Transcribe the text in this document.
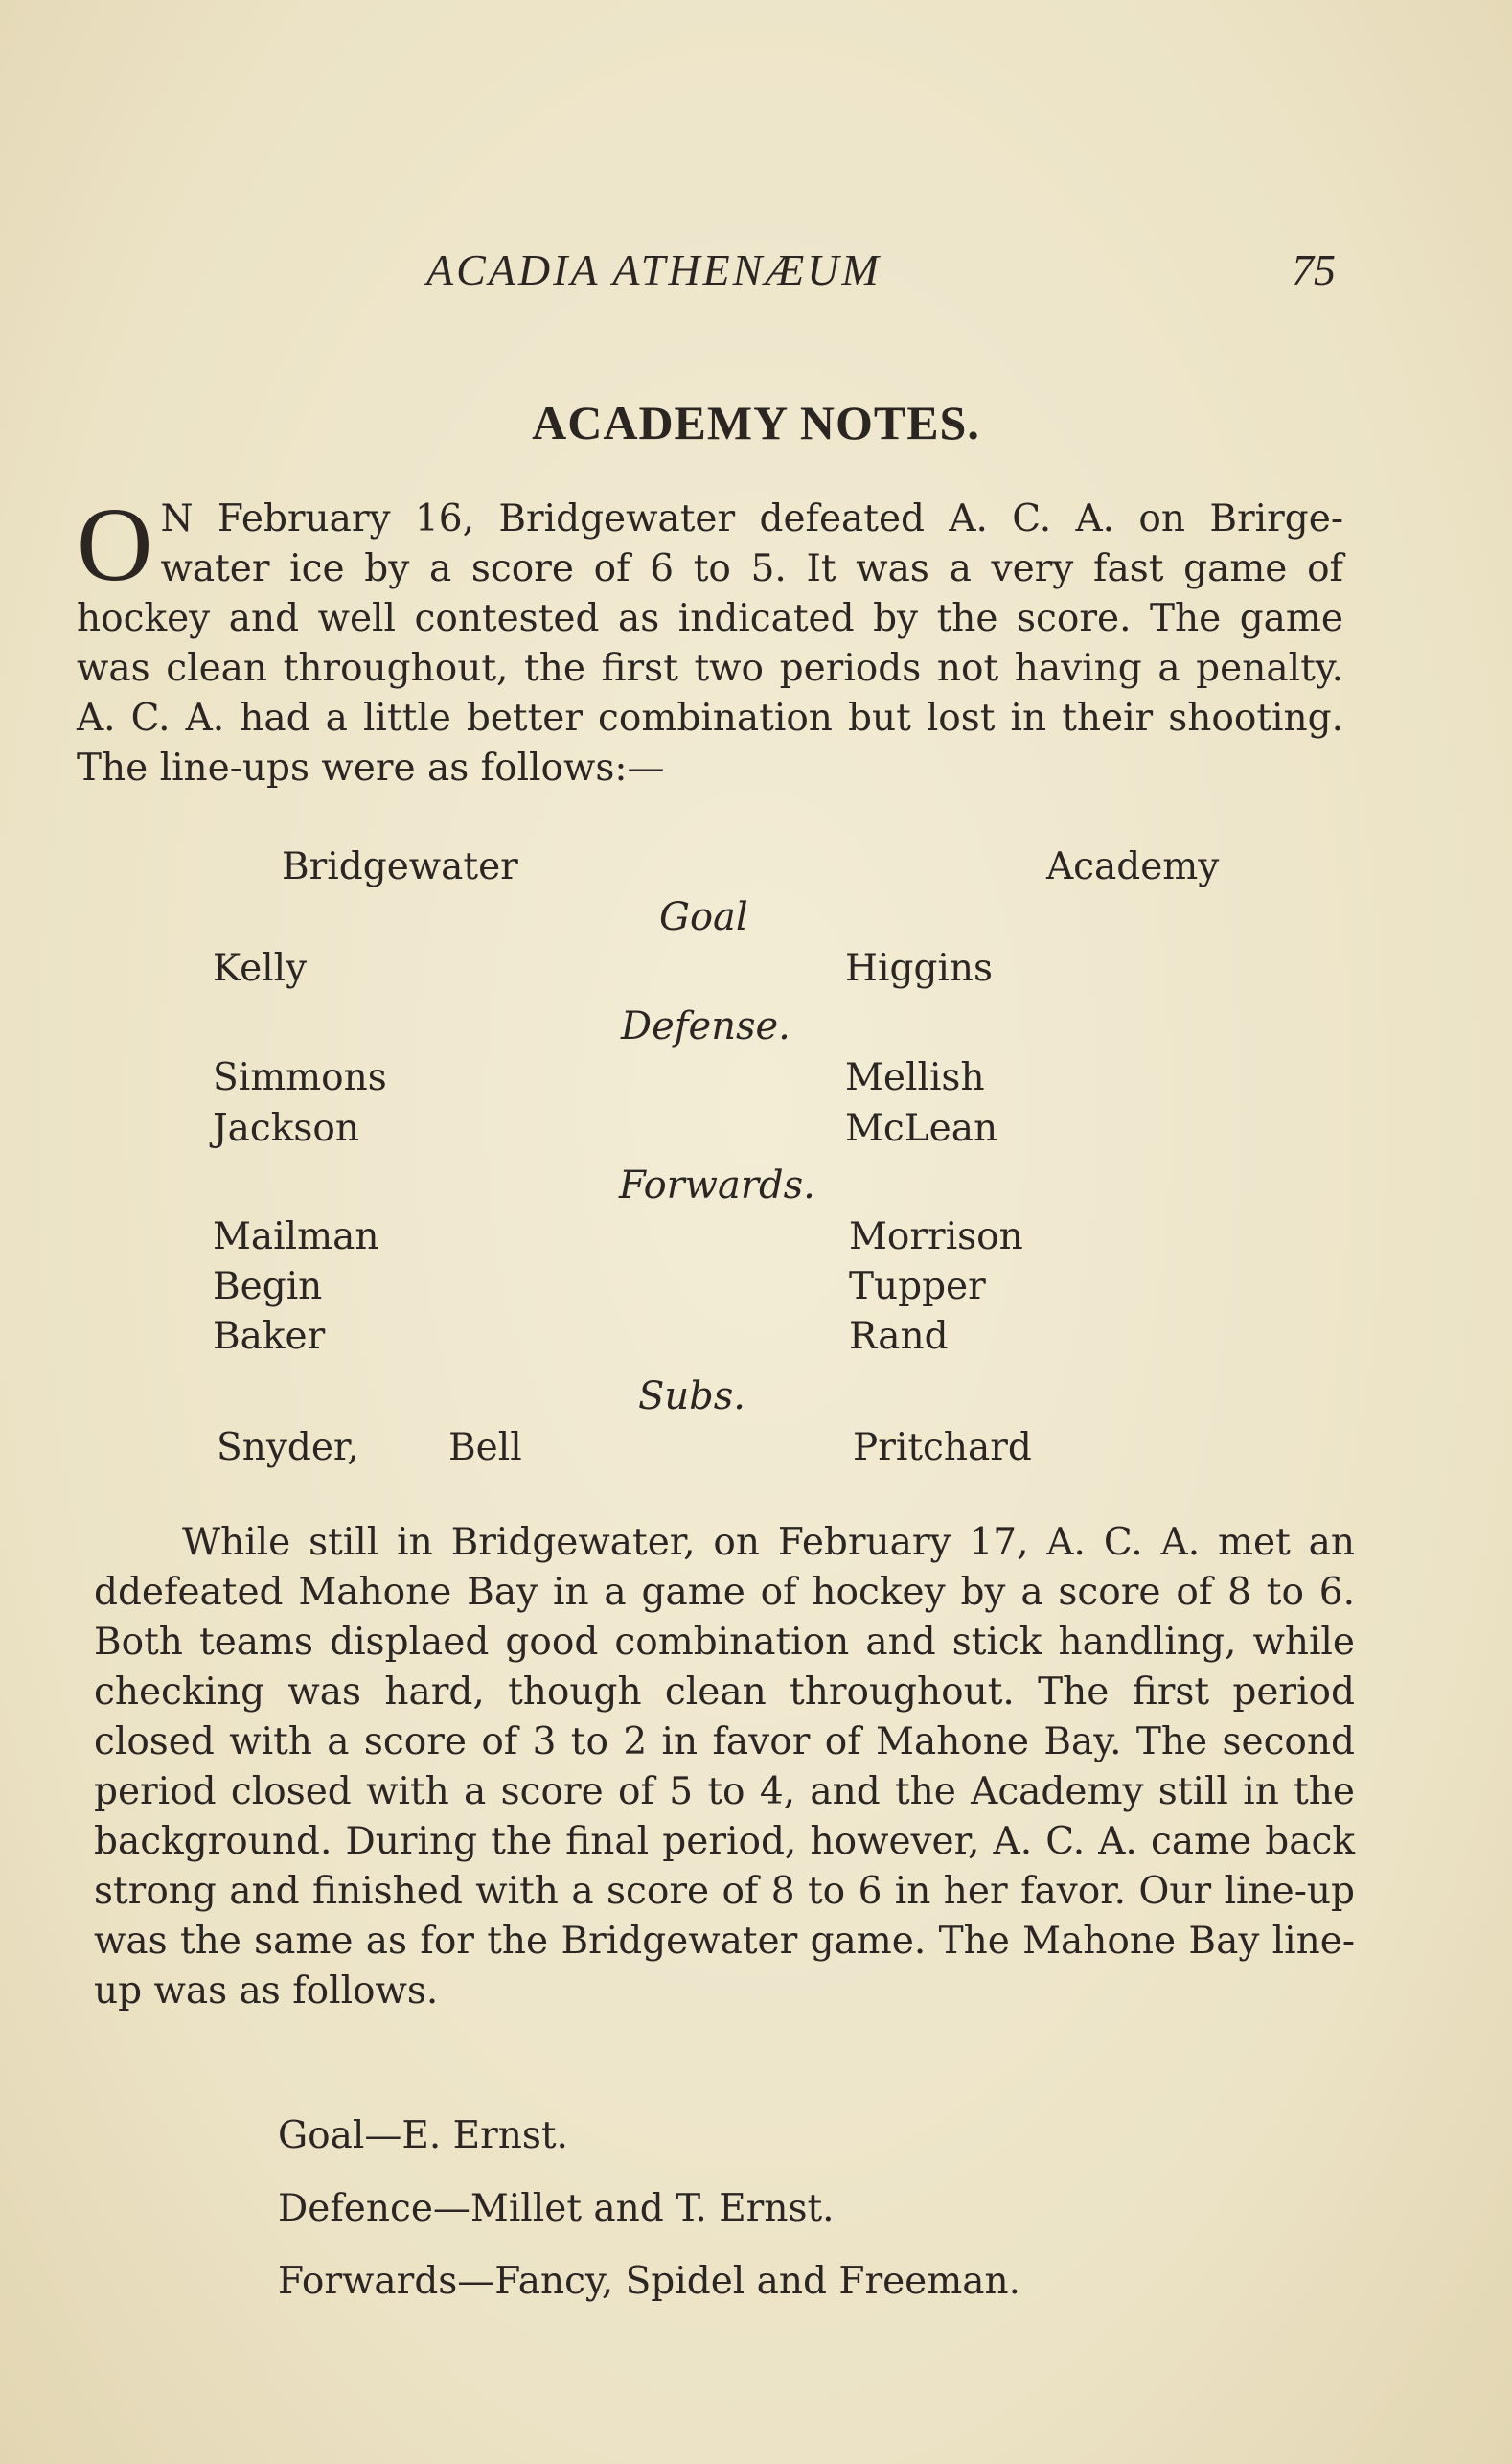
ACADIA ATHENÆUM	75
ACADEMY NOTES.

O N February 16, Bridgewater defeated A. C. A. on Brirge- water ice by a score of 6 to 5. It was a very fast game of hockey and well contested as indicated by the score. The game was clean throughout, the first two periods not having a penalty. A. C. A. had a little better combination but lost in their shooting. The line-ups were as follows:—

Bridgewater	Academy
Goal
Kelly	Higgins
Defense.
Simmons	Mellish
Jackson	McLean
Forwards.
Mailman	Morrison
Begin	Tupper
Baker	Rand
Subs.
Snyder, Bell	Pritchard

While still in Bridgewater, on February 17, A. C. A. met an ddefeated Mahone Bay in a game of hockey by a score of 8 to 6. Both teams displaed good combination and stick handling, while checking was hard, though clean throughout. The first period closed with a score of 3 to 2 in favor of Mahone Bay. The second period closed with a score of 5 to 4, and the Academy still in the background. During the final period, however, A. C. A. came back strong and finished with a score of 8 to 6 in her favor. Our line-up was the same as for the Bridgewater game. The Mahone Bay line- up was as follows.

Goal—E. Ernst.
Defence—Millet and T. Ernst.
Forwards—Fancy, Spidel and Freeman.
